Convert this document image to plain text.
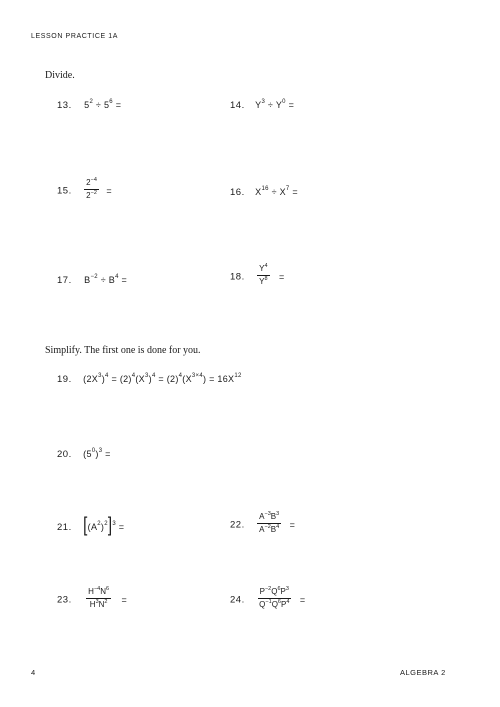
LESSON PRACTICE 1A
Divide.
13. $5^2 \div 5^6$ =	14. $Y^3 \div Y^0$ =
15. $\frac{2^{-4}}{2^{-2}}$ =	16. $X^{16} \div X^7$ =
17. $B^{-2} \div B^4$ =	18. $\frac{Y^4}{Y^8}$ =
Simplify. The first one is done for you.
19. $(2X^3)^4 = (2)^4(X^3)^4 = (2)^4(X^{3\times 4}) = 16X^{12}$
20. $(5^0)^3$ =
21. $[(A^2)^2]^3$ =	22. $\frac{A^{-3}B^3}{A^{-2}B^4}$ =
23. $\frac{H^{-4}N^6}{H^3N^2}$ =	24. $\frac{P^{-2}Q^6P^3}{Q^{-1}Q^6P^4}$ =
4	ALGEBRA 2
